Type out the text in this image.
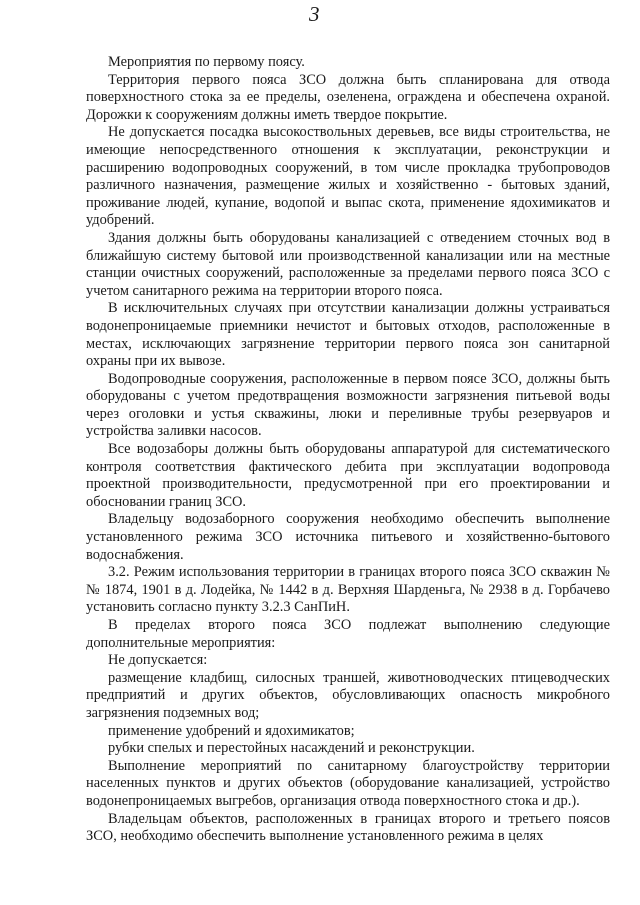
3

Мероприятия по первому поясу.

Территория первого пояса ЗСО должна быть спланирована для отвода поверхностного стока за ее пределы, озеленена, ограждена и обеспечена охраной. Дорожки к сооружениям должны иметь твердое покрытие.

Не допускается посадка высокоствольных деревьев, все виды строительства, не имеющие непосредственного отношения к эксплуатации, реконструкции и расширению водопроводных сооружений, в том числе прокладка трубопроводов различного назначения, размещение жилых и хозяйственно - бытовых зданий, проживание людей, купание, водопой и выпас скота, применение ядохимикатов и удобрений.

Здания должны быть оборудованы канализацией с отведением сточных вод в ближайшую систему бытовой или производственной канализации или на местные станции очистных сооружений, расположенные за пределами первого пояса ЗСО с учетом санитарного режима на территории второго пояса.

В исключительных случаях при отсутствии канализации должны устраиваться водонепроницаемые приемники нечистот и бытовых отходов, расположенные в местах, исключающих загрязнение территории первого пояса зон санитарной охраны при их вывозе.

Водопроводные сооружения, расположенные в первом поясе ЗСО, должны быть оборудованы с учетом предотвращения возможности загрязнения питьевой воды через оголовки и устья скважины, люки и переливные трубы резервуаров и устройства заливки насосов.

Все водозаборы должны быть оборудованы аппаратурой для систематического контроля соответствия фактического дебита при эксплуатации водопровода проектной производительности, предусмотренной при его проектировании и обосновании границ ЗСО.

Владельцу водозаборного сооружения необходимо обеспечить выполнение установленного режима ЗСО источника питьевого и хозяйственно-бытового водоснабжения.

3.2. Режим использования территории в границах второго пояса ЗСО скважин №№ 1874, 1901 в д. Лодейка, № 1442 в д. Верхняя Шарденьга, № 2938 в д. Горбачево установить согласно пункту 3.2.3 СанПиН.

В пределах второго пояса ЗСО подлежат выполнению следующие дополнительные мероприятия:

Не допускается:

размещение кладбищ, силосных траншей, животноводческих птицеводческих предприятий и других объектов, обусловливающих опасность микробного загрязнения подземных вод;

применение удобрений и ядохимикатов;

рубки спелых и перестойных насаждений и реконструкции.

Выполнение мероприятий по санитарному благоустройству территории населенных пунктов и других объектов (оборудование канализацией, устройство водонепроницаемых выгребов, организация отвода поверхностного стока и др.).

Владельцам объектов, расположенных в границах второго и третьего поясов ЗСО, необходимо обеспечить выполнение установленного режима в целях
